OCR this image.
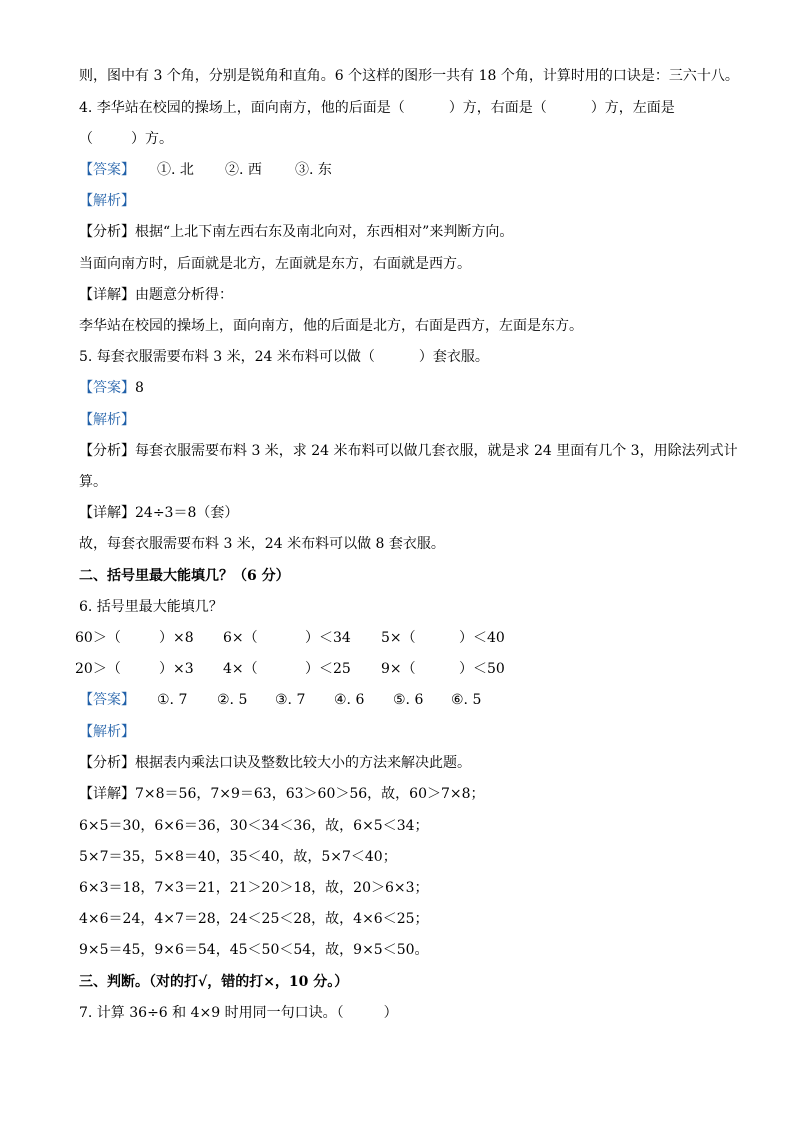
则，图中有 3 个角，分别是锐角和直角。6 个这样的图形一共有 18 个角，计算时用的口诀是：三六十八。
4. 李华站在校园的操场上，面向南方，他的后面是（	）方，右面是（	）方，左面是
（	）方。
【答案】 ①. 北 ②. 西 ③. 东
【解析】
【分析】根据“上北下南左西右东及南北向对，东西相对”来判断方向。
当面向南方时，后面就是北方，左面就是东方，右面就是西方。
【详解】由题意分析得：
李华站在校园的操场上，面向南方，他的后面是北方，右面是西方，左面是东方。
5. 每套衣服需要布料 3 米，24 米布料可以做（	）套衣服。
【答案】8
【解析】
【分析】每套衣服需要布料 3 米，求 24 米布料可以做几套衣服，就是求 24 里面有几个 3，用除法列式计
算。
【详解】24÷3＝8（套）
故，每套衣服需要布料 3 米，24 米布料可以做 8 套衣服。
二、括号里最大能填几？（6 分）
6. 括号里最大能填几？
60＞（	）×8 6×（	）＜34 5×（	）＜40
20＞（	）×3 4×（	）＜25 9×（	）＜50
【答案】 ①. 7 ②. 5 ③. 7 ④. 6 ⑤. 6 ⑥. 5
【解析】
【分析】根据表内乘法口诀及整数比较大小的方法来解决此题。
【详解】7×8＝56，7×9＝63，63＞60＞56，故，60＞7×8；
6×5＝30，6×6＝36，30＜34＜36，故，6×5＜34；
5×7＝35，5×8＝40，35＜40，故，5×7＜40；
6×3＝18，7×3＝21，21＞20＞18，故，20＞6×3；
4×6＝24，4×7＝28，24＜25＜28，故，4×6＜25；
9×5＝45，9×6＝54，45＜50＜54，故，9×5＜50。
三、判断。（对的打√，错的打×，10 分。）
7. 计算 36÷6 和 4×9 时用同一句口诀。（	）
